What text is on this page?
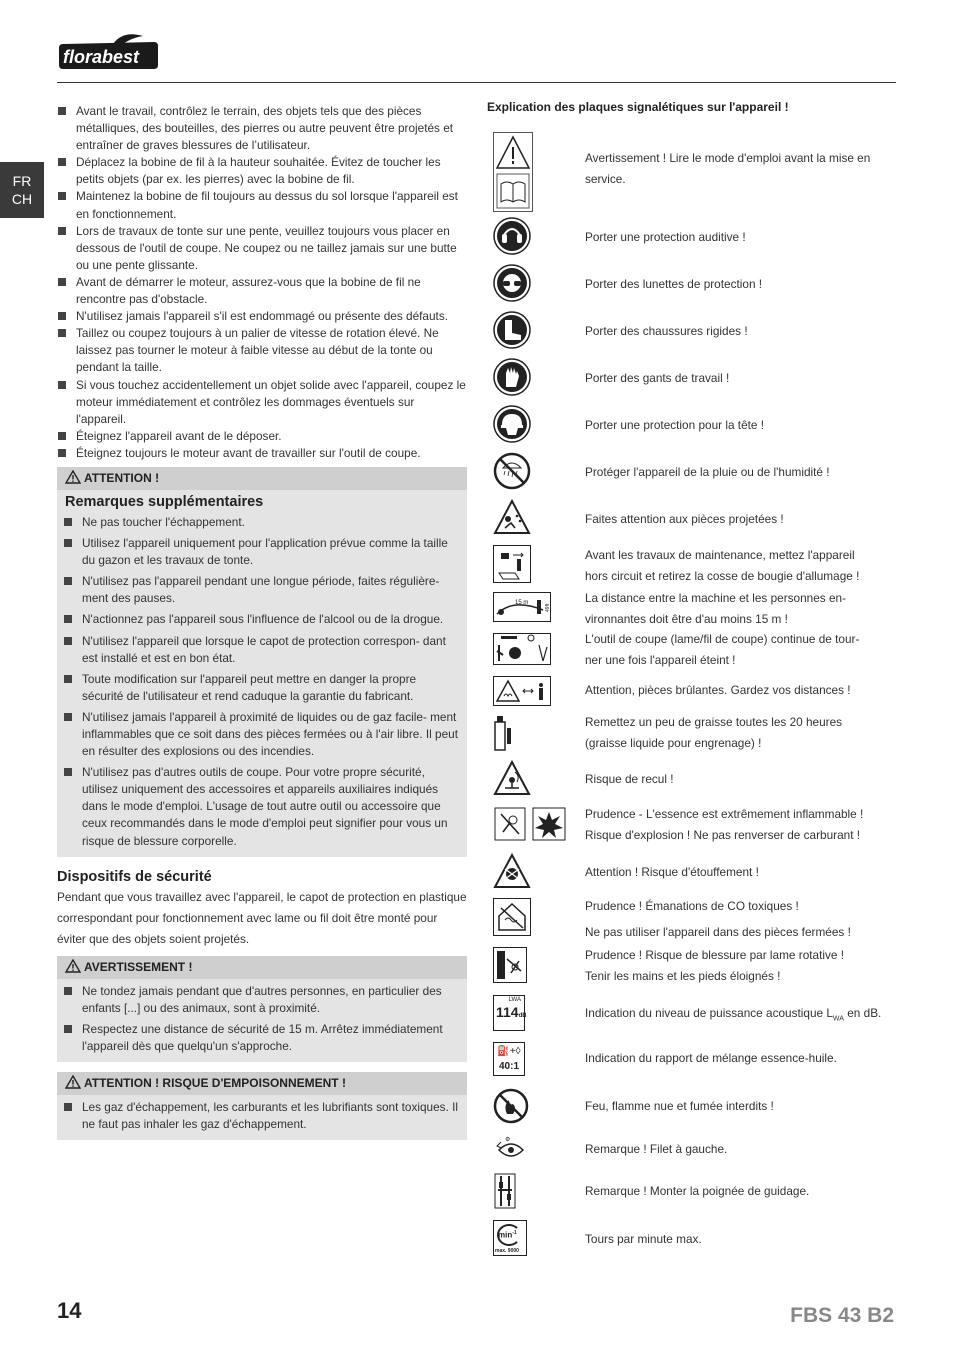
florabest
FR
CH
Avant le travail, contrôlez le terrain, des objets tels que des pièces métalliques, des bouteilles, des pierres ou autre peuvent être projetés et entraîner de graves blessures de l’utilisateur.
Déplacez la bobine de fil à la hauteur souhaitée. Évitez de toucher les petits objets (par ex. les pierres) avec la bobine de fil.
Maintenez la bobine de fil toujours au dessus du sol lorsque l'appareil est en fonctionnement.
Lors de travaux de tonte sur une pente, veuillez toujours vous placer en dessous de l'outil de coupe. Ne coupez ou ne taillez jamais sur une butte ou une pente glissante.
Avant de démarrer le moteur, assurez-vous que la bobine de fil ne rencontre pas d'obstacle.
N'utilisez jamais l'appareil s'il est endommagé ou présente des défauts.
Taillez ou coupez toujours à un palier de vitesse de rotation élevé. Ne laissez pas tourner le moteur à faible vitesse au début de la tonte ou pendant la taille.
Si vous touchez accidentellement un objet solide avec l'appareil, coupez le moteur immédiatement et contrôlez les dommages éventuels sur l'appareil.
Éteignez l'appareil avant de le déposer.
Éteignez toujours le moteur avant de travailler sur l'outil de coupe.
ATTENTION !
Remarques supplémentaires
Ne pas toucher l'échappement.
Utilisez l'appareil uniquement pour l'application prévue comme la taille du gazon et les travaux de tonte.
N'utilisez pas l'appareil pendant une longue période, faites régulière- ment des pauses.
N'actionnez pas l'appareil sous l'influence de l'alcool ou de la drogue.
N'utilisez l'appareil que lorsque le capot de protection correspon- dant est installé et est en bon état.
Toute modification sur l'appareil peut mettre en danger la propre sécurité de l'utilisateur et rend caduque la garantie du fabricant.
N'utilisez jamais l'appareil à proximité de liquides ou de gaz facile- ment inflammables que ce soit dans des pièces fermées ou à l'air libre. Il peut en résulter des explosions ou des incendies.
N'utilisez pas d'autres outils de coupe. Pour votre propre sécurité, utilisez uniquement des accessoires et appareils auxiliaires indiqués dans le mode d'emploi. L'usage de tout autre outil ou accessoire que ceux recommandés dans le mode d'emploi peut signifier pour vous un risque de blessure corporelle.
Dispositifs de sécurité
Pendant que vous travaillez avec l'appareil, le capot de protection en plastique correspondant pour fonctionnement avec lame ou fil doit être monté pour éviter que des objets soient projetés.
AVERTISSEMENT !
Ne tondez jamais pendant que d'autres personnes, en particulier des enfants [...] ou des animaux, sont à proximité.
Respectez une distance de sécurité de 15 m. Arrêtez immédiatement l'appareil dès que quelqu'un s'approche.
ATTENTION ! RISQUE D'EMPOISONNEMENT !
Les gaz d'échappement, les carburants et les lubrifiants sont toxiques. Il ne faut pas inhaler les gaz d'échappement.
Explication des plaques signalétiques sur l'appareil !
Avertissement ! Lire le mode d'emploi avant la mise en
service.
Porter une protection auditive !
Porter des lunettes de protection !
Porter des chaussures rigides !
Porter des gants de travail !
Porter une protection pour la tête !
Protéger l'appareil de la pluie ou de l'humidité !
Faites attention aux pièces projetées !
Avant les travaux de maintenance, mettez l'appareil
hors circuit et retirez la cosse de bougie d'allumage !
15 m
49ft
La distance entre la machine et les personnes en-
vironnantes doit être d'au moins 15 m !
L'outil de coupe (lame/fil de coupe) continue de tour-
ner une fois l'appareil éteint !
Attention, pièces brûlantes. Gardez vos distances !
Remettez un peu de graisse toutes les 20 heures
(graisse liquide pour engrenage) !
Risque de recul !
Prudence - L'essence est extrêmement inflammable !
Risque d'explosion ! Ne pas renverser de carburant !
Attention ! Risque d'étouffement !
Prudence ! Émanations de CO toxiques !
Ne pas utiliser l'appareil dans des pièces fermées !
Prudence ! Risque de blessure par lame rotative !
Tenir les mains et les pieds éloignés !
LWA
114dB	Indication du niveau de puissance acoustique $L_{WA}$ en dB.
⛽+◊
40:1
Indication du rapport de mélange essence-huile.
Feu, flamme nue et fumée interdits !
⚙
Remarque ! Filet à gauche.
Remarque ! Monter la poignée de guidage.
$\min^{-1}$
max. 9000
Tours par minute max.
14	FBS 43 B2
